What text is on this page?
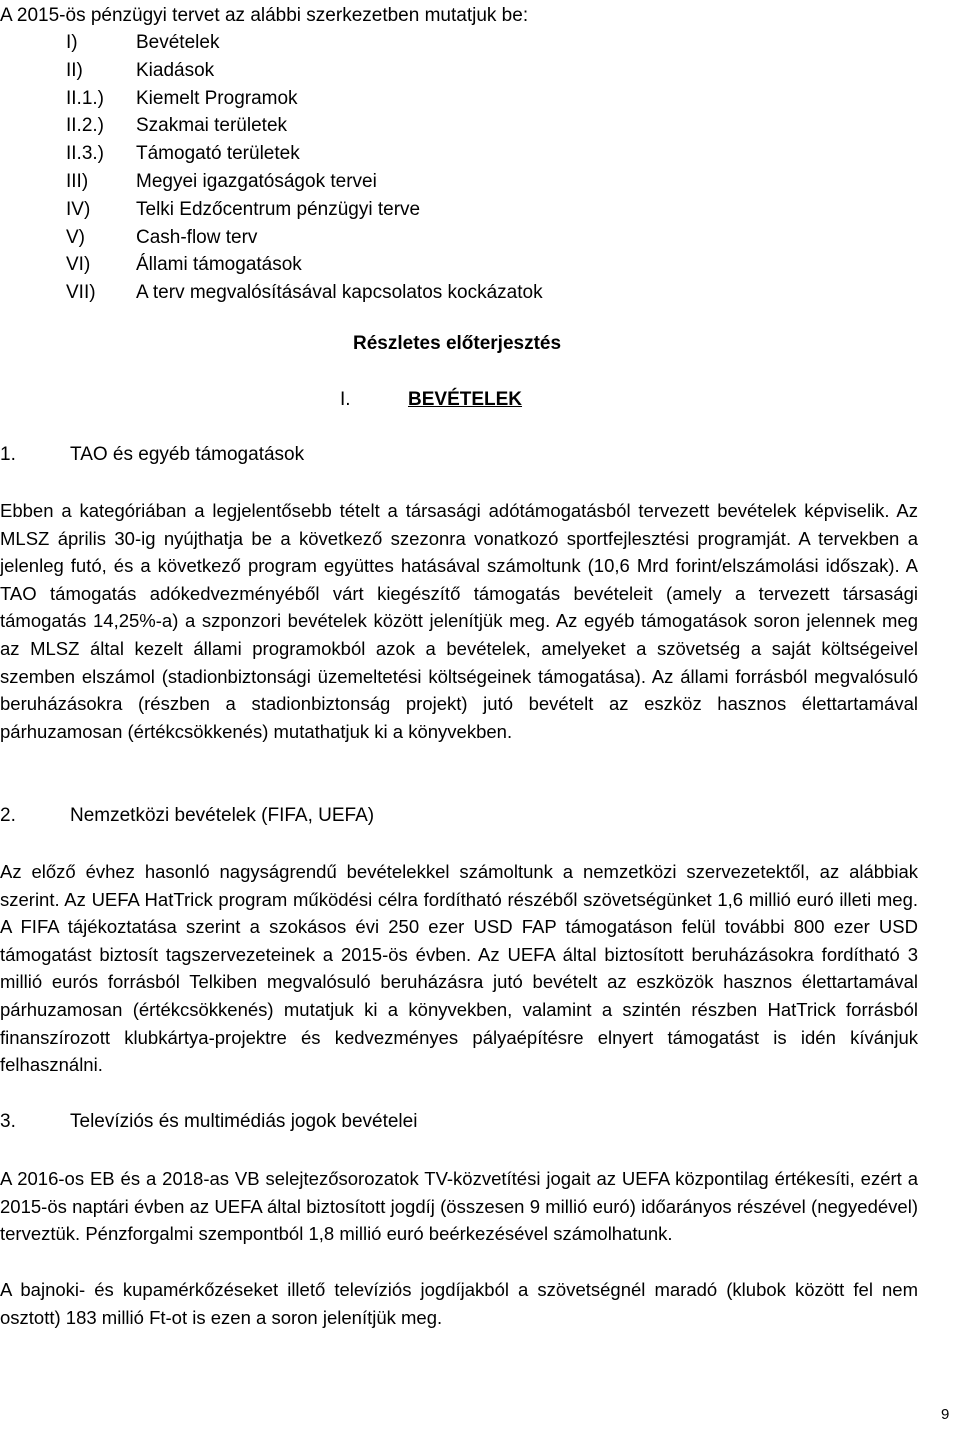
A 2015-ös pénzügyi tervet az alábbi szerkezetben mutatjuk be:
I)	Bevételek
II)	Kiadások
II.1.)	Kiemelt Programok
II.2.)	Szakmai területek
II.3.)	Támogató területek
III)	Megyei igazgatóságok tervei
IV)	Telki Edzőcentrum pénzügyi terve
V)	Cash-flow terv
VI)	Állami támogatások
VII)	A terv megvalósításával kapcsolatos kockázatok
Részletes előterjesztés
I.	BEVÉTELEK
1.	TAO és egyéb támogatások

Ebben a kategóriában a legjelentősebb tételt a társasági adótámogatásból tervezett bevételek képviselik. Az MLSZ április 30-ig nyújthatja be a következő szezonra vonatkozó sportfejlesztési programját. A tervekben a jelenleg futó, és a következő program együttes hatásával számoltunk (10,6 Mrd forint/elszámolási időszak). A TAO támogatás adókedvezményéből várt kiegészítő támogatás bevételeit (amely a tervezett társasági támogatás 14,25%-a) a szponzori bevételek között jelenítjük meg. Az egyéb támogatások soron jelennek meg az MLSZ által kezelt állami programokból azok a bevételek, amelyeket a szövetség a saját költségeivel szemben elszámol (stadionbiztonsági üzemeltetési költségeinek támogatása). Az állami forrásból megvalósuló beruházásokra (részben a stadionbiztonság projekt) jutó bevételt az eszköz hasznos élettartamával párhuzamosan (értékcsökkenés) mutathatjuk ki a könyvekben.

2.	Nemzetközi bevételek (FIFA, UEFA)

Az előző évhez hasonló nagyságrendű bevételekkel számoltunk a nemzetközi szervezetektől, az alábbiak szerint. Az UEFA HatTrick program működési célra fordítható részéből szövetségünket 1,6 millió euró illeti meg. A FIFA tájékoztatása szerint a szokásos évi 250 ezer USD FAP támogatáson felül további 800 ezer USD támogatást biztosít tagszervezeteinek a 2015-ös évben. Az UEFA által biztosított beruházásokra fordítható 3 millió eurós forrásból Telkiben megvalósuló beruházásra jutó bevételt az eszközök hasznos élettartamával párhuzamosan (értékcsökkenés) mutatjuk ki a könyvekben, valamint a szintén részben HatTrick forrásból finanszírozott klubkártya-projektre és kedvezményes pályaépítésre elnyert támogatást is idén kívánjuk felhasználni.

3.	Televíziós és multimédiás jogok bevételei

A 2016-os EB és a 2018-as VB selejtezősorozatok TV-közvetítési jogait az UEFA központilag értékesíti, ezért a 2015-ös naptári évben az UEFA által biztosított jogdíj (összesen 9 millió euró) időarányos részével (negyedével) terveztük. Pénzforgalmi szempontból 1,8 millió euró beérkezésével számolhatunk.

A bajnoki- és kupamérkőzéseket illető televíziós jogdíjakból a szövetségnél maradó (klubok között fel nem osztott) 183 millió Ft-ot is ezen a soron jelenítjük meg.

9
